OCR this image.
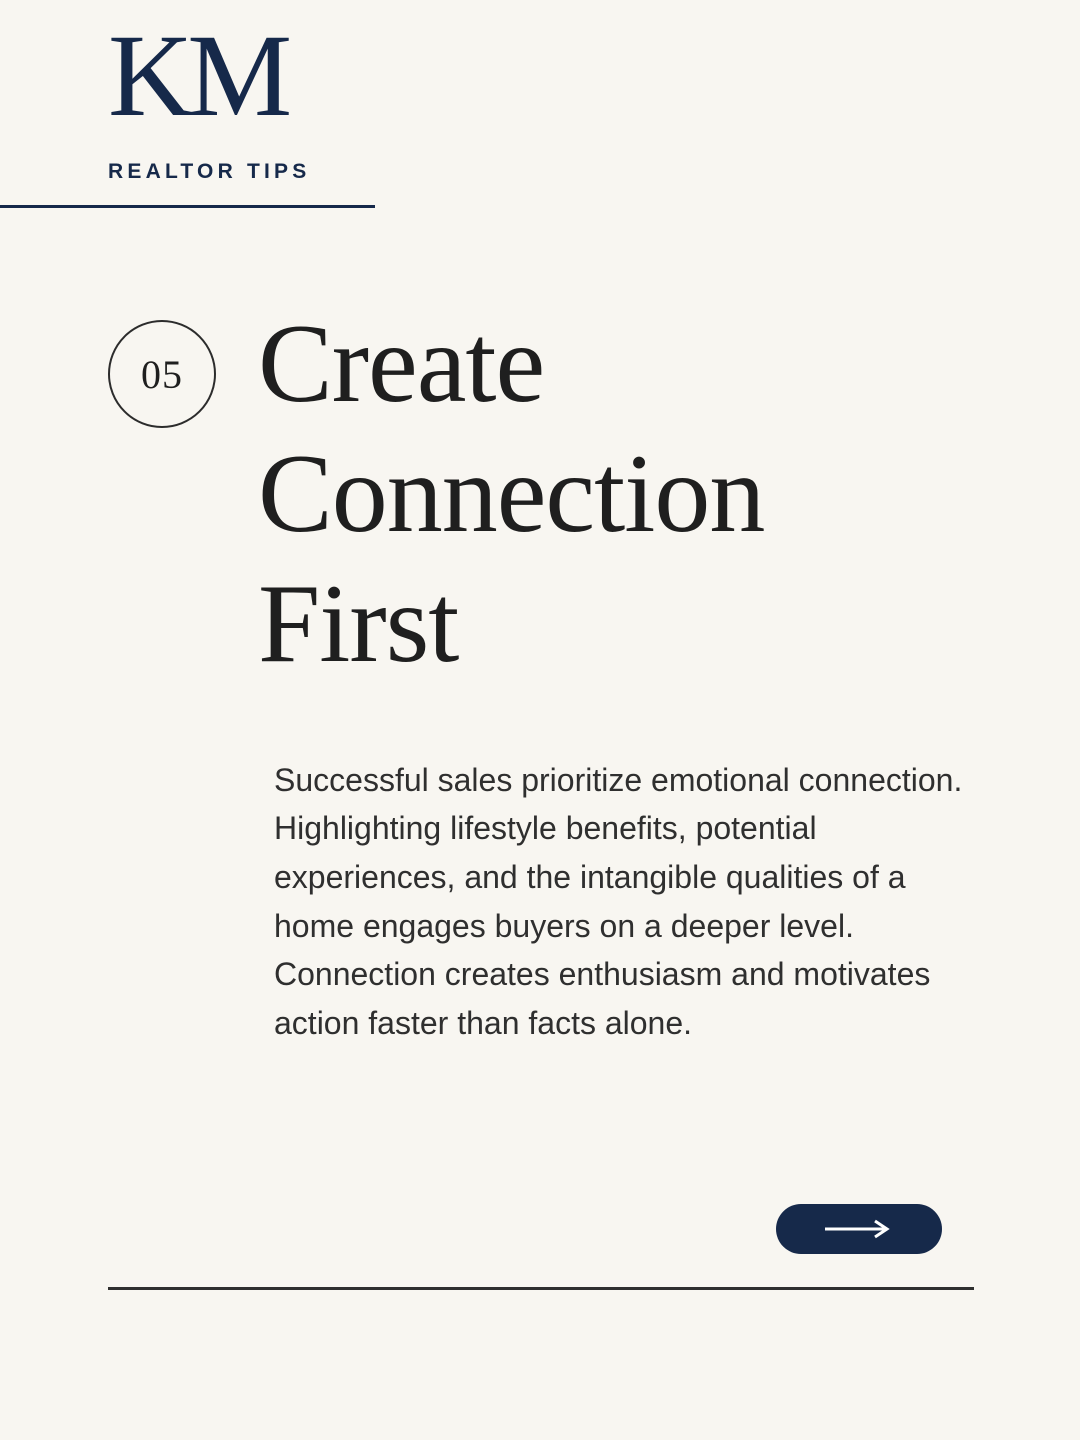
KM
REALTOR TIPS
05 Create Connection First

Successful sales prioritize emotional connection. Highlighting lifestyle benefits, potential experiences, and the intangible qualities of a home engages buyers on a deeper level. Connection creates enthusiasm and motivates action faster than facts alone.
